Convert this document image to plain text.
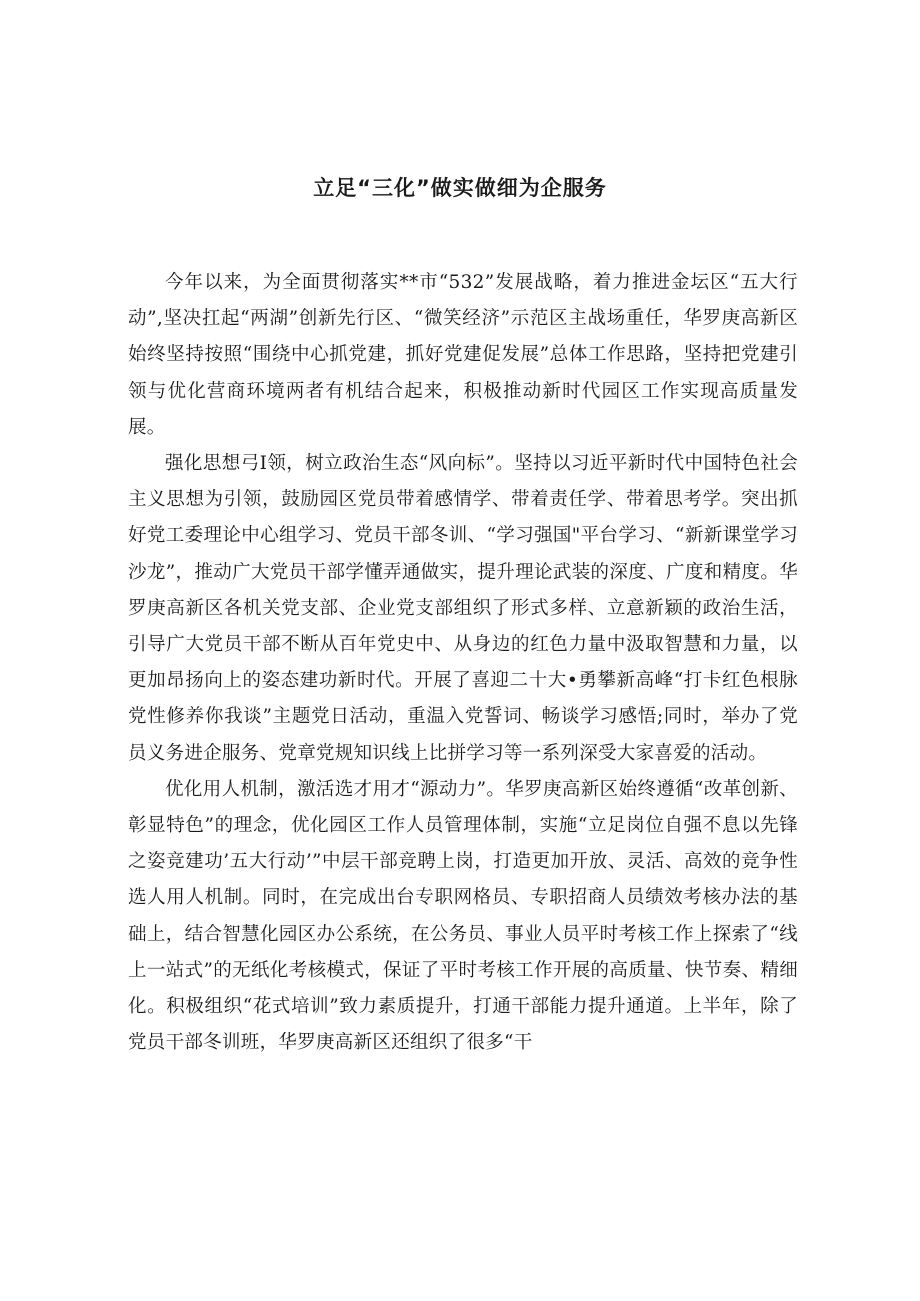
立足“三化”做实做细为企服务

今年以来，为全面贯彻落实**市“532”发展战略，着力推进金坛区“五大行动”,坚决扛起“两湖”创新先行区、“微笑经济”示范区主战场重任，华罗庚高新区始终坚持按照“围绕中心抓党建，抓好党建促发展”总体工作思路，坚持把党建引领与优化营商环境两者有机结合起来，积极推动新时代园区工作实现高质量发展。

强化思想弓I领，树立政治生态“风向标”。坚持以习近平新时代中国特色社会主义思想为引领，鼓励园区党员带着感情学、带着责任学、带着思考学。突出抓好党工委理论中心组学习、党员干部冬训、“学习强国"平台学习、“新新课堂学习沙龙”，推动广大党员干部学懂弄通做实，提升理论武装的深度、广度和精度。华罗庚高新区各机关党支部、企业党支部组织了形式多样、立意新颖的政治生活，引导广大党员干部不断从百年党史中、从身边的红色力量中汲取智慧和力量，以更加昂扬向上的姿态建功新时代。开展了喜迎二十大•勇攀新高峰“打卡红色根脉党性修养你我谈”主题党日活动，重温入党誓词、畅谈学习感悟;同时，举办了党员义务进企服务、党章党规知识线上比拼学习等一系列深受大家喜爱的活动。

优化用人机制，激活选才用才“源动力”。华罗庚高新区始终遵循“改革创新、彰显特色”的理念，优化园区工作人员管理体制，实施“立足岗位自强不息以先锋之姿竞建功’五大行动’”中层干部竞聘上岗，打造更加开放、灵活、高效的竞争性选人用人机制。同时，在完成出台专职网格员、专职招商人员绩效考核办法的基础上，结合智慧化园区办公系统，在公务员、事业人员平时考核工作上探索了“线上一站式”的无纸化考核模式，保证了平时考核工作开展的高质量、快节奏、精细化。积极组织“花式培训”致力素质提升，打通干部能力提升通道。上半年，除了党员干部冬训班，华罗庚高新区还组织了很多“干
